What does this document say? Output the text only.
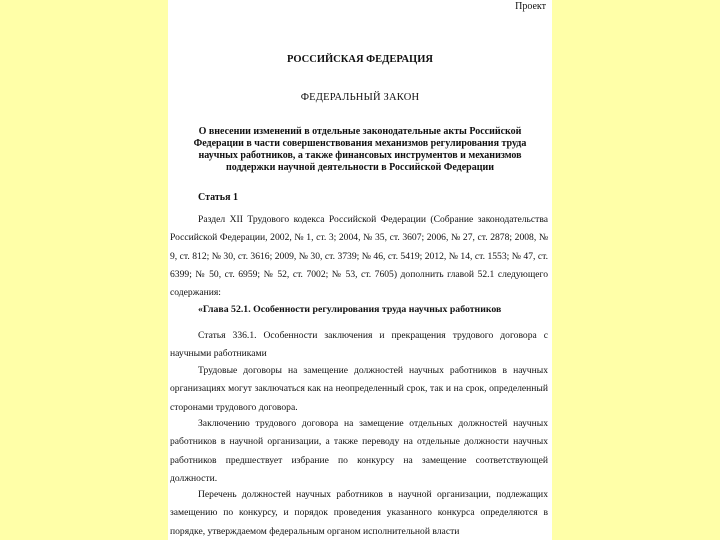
Проект
РОССИЙСКАЯ ФЕДЕРАЦИЯ
ФЕДЕРАЛЬНЫЙ ЗАКОН
О внесении изменений в отдельные законодательные акты Российской Федерации в части совершенствования механизмов регулирования труда научных работников, а также финансовых инструментов и механизмов поддержки научной деятельности в Российской Федерации
Статья 1
Раздел XII Трудового кодекса Российской Федерации (Собрание законодательства Российской Федерации, 2002, № 1, ст. 3; 2004, № 35, ст. 3607; 2006, № 27, ст. 2878; 2008, № 9, ст. 812; № 30, ст. 3616; 2009, № 30, ст. 3739; № 46, ст. 5419; 2012, № 14, ст. 1553; № 47, ст. 6399; № 50, ст. 6959; № 52, ст. 7002; № 53, ст. 7605) дополнить главой 52.1 следующего содержания:
«Глава 52.1. Особенности регулирования труда научных работников
Статья 336.1. Особенности заключения и прекращения трудового договора с научными работниками
Трудовые договоры на замещение должностей научных работников в научных организациях могут заключаться как на неопределенный срок, так и на срок, определенный сторонами трудового договора.
Заключению трудового договора на замещение отдельных должностей научных работников в научной организации, а также переводу на отдельные должности научных работников предшествует избрание по конкурсу на замещение соответствующей должности.
Перечень должностей научных работников в научной организации, подлежащих замещению по конкурсу, и порядок проведения указанного конкурса определяются в порядке, утверждаемом федеральным органом исполнительной власти
